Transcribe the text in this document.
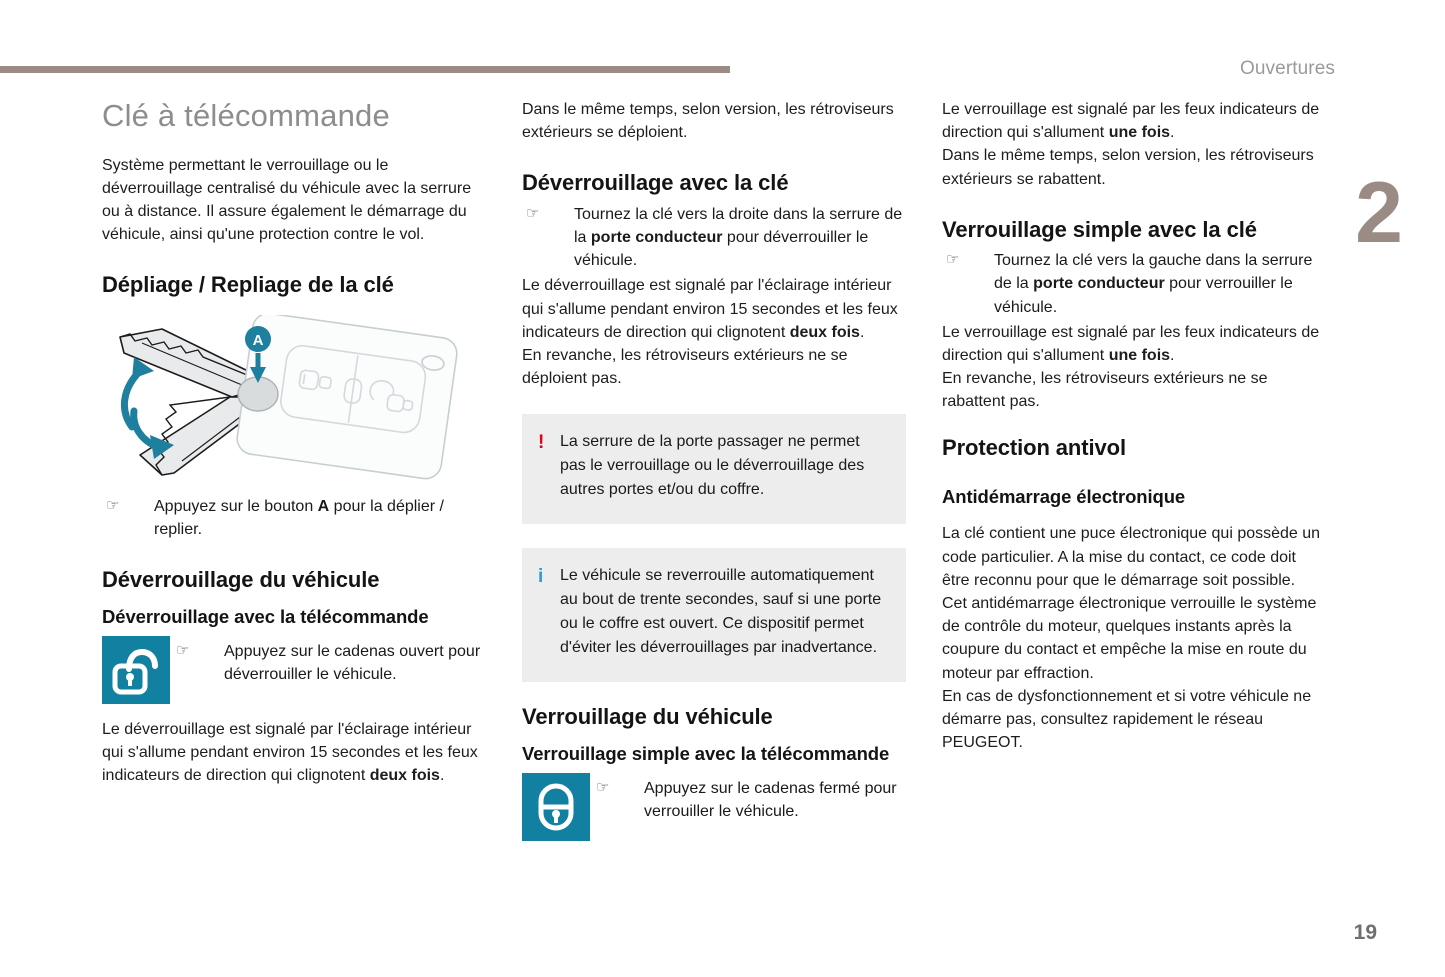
Ouvertures
2
19
Clé à télécommande

Système permettant le verrouillage ou le déverrouillage centralisé du véhicule avec la serrure ou à distance. Il assure également le démarrage du véhicule, ainsi qu'une protection contre le vol.

Dépliage / Repliage de la clé
A
☞	Appuyez sur le bouton A pour la déplier / replier.
Déverrouillage du véhicule
Déverrouillage avec la télécommande
☞	Appuyez sur le cadenas ouvert pour déverrouiller le véhicule.

Le déverrouillage est signalé par l'éclairage intérieur qui s'allume pendant environ 15 secondes et les feux indicateurs de direction qui clignotent deux fois.

Dans le même temps, selon version, les rétroviseurs extérieurs se déploient.

Déverrouillage avec la clé
☞	Tournez la clé vers la droite dans la serrure de la porte conducteur pour déverrouiller le véhicule.

Le déverrouillage est signalé par l'éclairage intérieur qui s'allume pendant environ 15 secondes et les feux indicateurs de direction qui clignotent deux fois.

En revanche, les rétroviseurs extérieurs ne se déploient pas.

! La serrure de la porte passager ne permet pas le verrouillage ou le déverrouillage des autres portes et/ou du coffre.
i	Le véhicule se reverrouille automatiquement au bout de trente secondes, sauf si une porte ou le coffre est ouvert. Ce dispositif permet d'éviter les déverrouillages par inadvertance.
Verrouillage du véhicule
Verrouillage simple avec la télécommande
☞	Appuyez sur le cadenas fermé pour verrouiller le véhicule.

Le verrouillage est signalé par les feux indicateurs de direction qui s'allument une fois.

Dans le même temps, selon version, les rétroviseurs extérieurs se rabattent.

Verrouillage simple avec la clé
☞	Tournez la clé vers la gauche dans la serrure de la porte conducteur pour verrouiller le véhicule.

Le verrouillage est signalé par les feux indicateurs de direction qui s'allument une fois.

En revanche, les rétroviseurs extérieurs ne se rabattent pas.

Protection antivol
Antidémarrage électronique

La clé contient une puce électronique qui possède un code particulier. A la mise du contact, ce code doit être reconnu pour que le démarrage soit possible.

Cet antidémarrage électronique verrouille le système de contrôle du moteur, quelques instants après la coupure du contact et empêche la mise en route du moteur par effraction.

En cas de dysfonctionnement et si votre véhicule ne démarre pas, consultez rapidement le réseau PEUGEOT.
